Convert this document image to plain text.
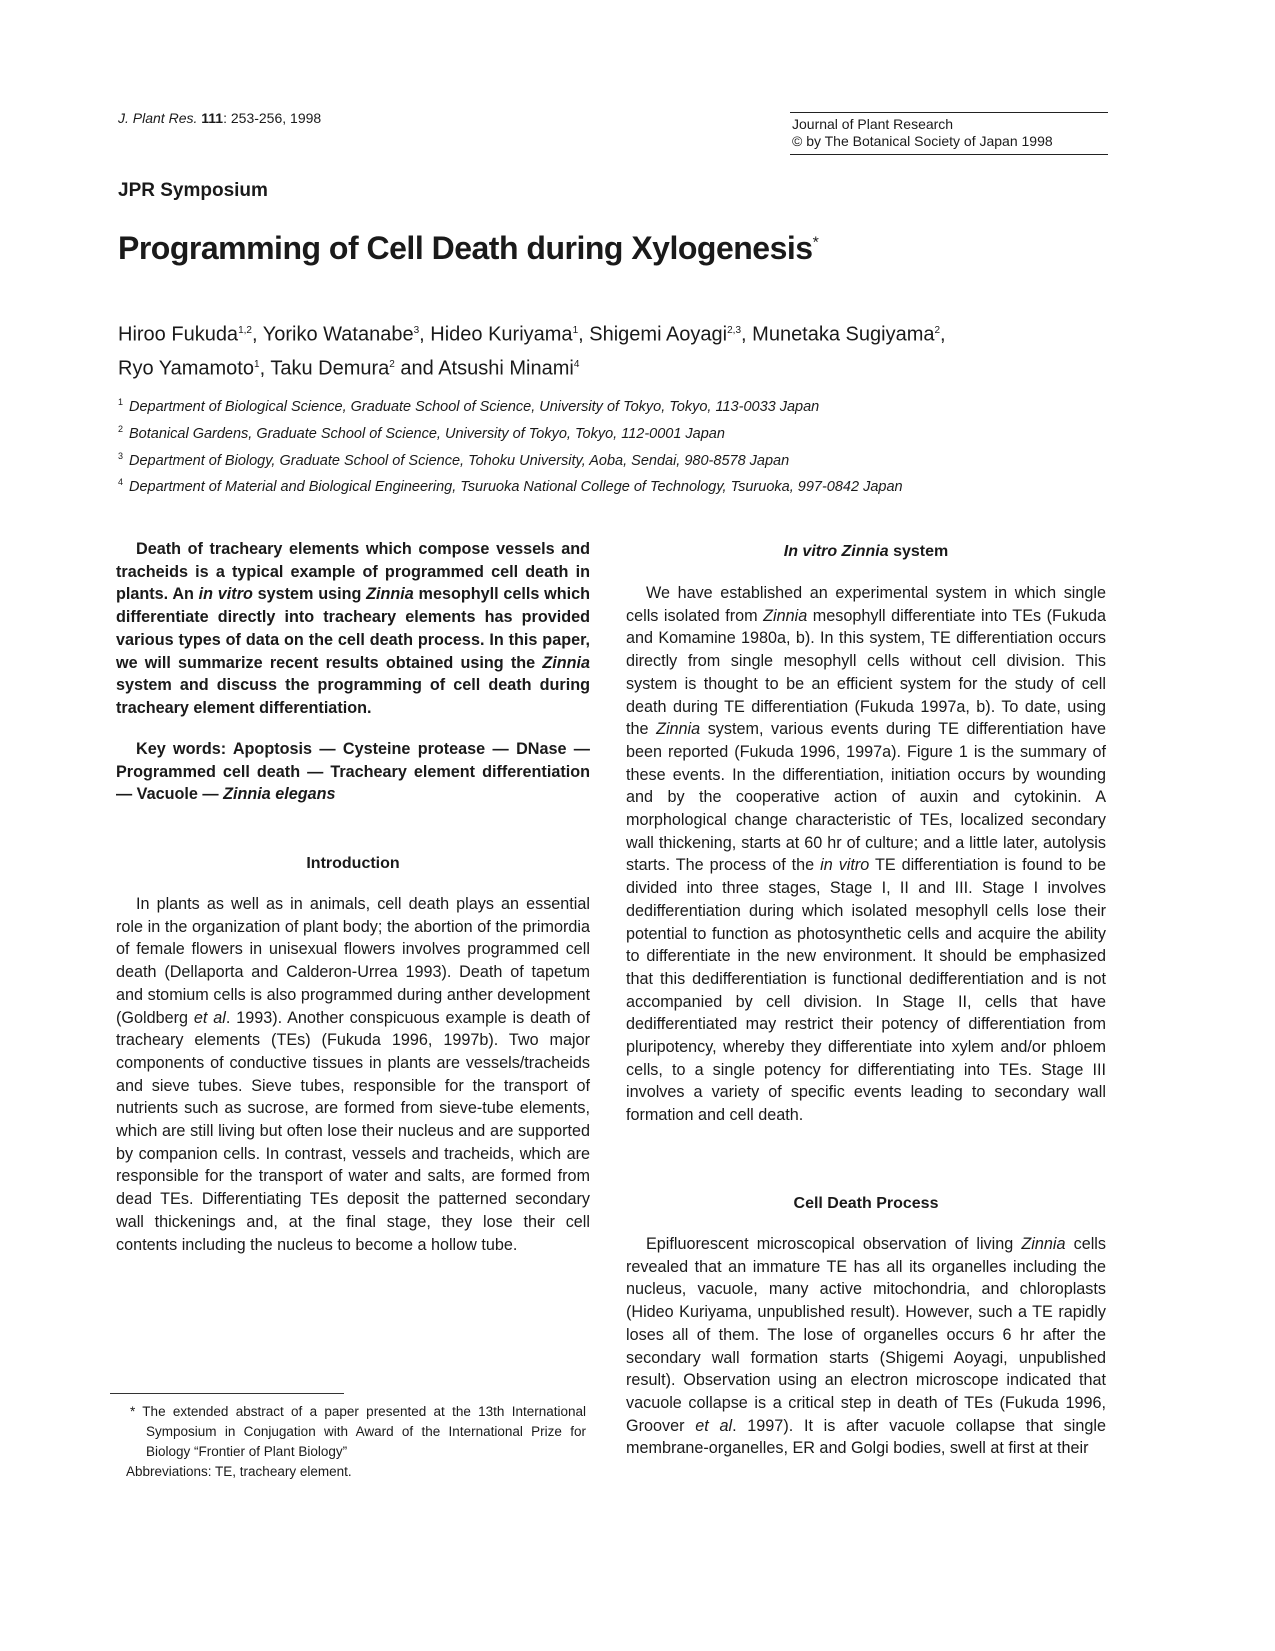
J. Plant Res. 111: 253-256, 1998	Journal of Plant Research
© by The Botanical Society of Japan 1998
JPR Symposium
Programming of Cell Death during Xylogenesis*
Hiroo Fukuda$^{1,2}$, Yoriko Watanabe$^3$, Hideo Kuriyama$^1$, Shigemi Aoyagi$^{2,3}$, Munetaka Sugiyama$^2$,
Ryo Yamamoto$^1$, Taku Demura$^2$ and Atsushi Minami$^4$
$^1$ Department of Biological Science, Graduate School of Science, University of Tokyo, Tokyo, 113-0033 Japan
$^2$ Botanical Gardens, Graduate School of Science, University of Tokyo, Tokyo, 112-0001 Japan
$^3$ Department of Biology, Graduate School of Science, Tohoku University, Aoba, Sendai, 980-8578 Japan
$^4$ Department of Material and Biological Engineering, Tsuruoka National College of Technology, Tsuruoka, 997-0842 Japan

Death of tracheary elements which compose vessels and tracheids is a typical example of programmed cell death in plants. An in vitro system using Zinnia mesophyll cells which differentiate directly into tracheary elements has provided various types of data on the cell death process. In this paper, we will summarize recent results obtained using the Zinnia system and discuss the programming of cell death during tracheary element differentiation.

Key words: Apoptosis — Cysteine protease — DNase — Programmed cell death — Tracheary element differentiation — Vacuole — Zinnia elegans
Introduction

In plants as well as in animals, cell death plays an essential role in the organization of plant body; the abortion of the primordia of female flowers in unisexual flowers involves programmed cell death (Dellaporta and Calderon-Urrea 1993). Death of tapetum and stomium cells is also programmed during anther development (Goldberg et al. 1993). Another conspicuous example is death of tracheary elements (TEs) (Fukuda 1996, 1997b). Two major components of conductive tissues in plants are vessels/tracheids and sieve tubes. Sieve tubes, responsible for the transport of nutrients such as sucrose, are formed from sieve-tube elements, which are still living but often lose their nucleus and are supported by companion cells. In contrast, vessels and tracheids, which are responsible for the transport of water and salts, are formed from dead TEs. Differentiating TEs deposit the patterned secondary wall thickenings and, at the final stage, they lose their cell contents including the nucleus to become a hollow tube.

* The extended abstract of a paper presented at the 13th International Symposium in Conjugation with Award of the International Prize for Biology “Frontier of Plant Biology”
Abbreviations: TE, tracheary element.
In vitro Zinnia system

We have established an experimental system in which single cells isolated from Zinnia mesophyll differentiate into TEs (Fukuda and Komamine 1980a, b). In this system, TE differentiation occurs directly from single mesophyll cells without cell division. This system is thought to be an efficient system for the study of cell death during TE differentiation (Fukuda 1997a, b). To date, using the Zinnia system, various events during TE differentiation have been reported (Fukuda 1996, 1997a). Figure 1 is the summary of these events. In the differentiation, initiation occurs by wounding and by the cooperative action of auxin and cytokinin. A morphological change characteristic of TEs, localized secondary wall thickening, starts at 60 hr of culture; and a little later, autolysis starts. The process of the in vitro TE differentiation is found to be divided into three stages, Stage I, II and III. Stage I involves dedifferentiation during which isolated mesophyll cells lose their potential to function as photosynthetic cells and acquire the ability to differentiate in the new environment. It should be emphasized that this dedifferentiation is functional dedifferentiation and is not accompanied by cell division. In Stage II, cells that have dedifferentiated may restrict their potency of differentiation from pluripotency, whereby they differentiate into xylem and/or phloem cells, to a single potency for differentiating into TEs. Stage III involves a variety of specific events leading to secondary wall formation and cell death.

Cell Death Process

Epifluorescent microscopical observation of living Zinnia cells revealed that an immature TE has all its organelles including the nucleus, vacuole, many active mitochondria, and chloroplasts (Hideo Kuriyama, unpublished result). However, such a TE rapidly loses all of them. The lose of organelles occurs 6 hr after the secondary wall formation starts (Shigemi Aoyagi, unpublished result). Observation using an electron microscope indicated that vacuole collapse is a critical step in death of TEs (Fukuda 1996, Groover et al. 1997). It is after vacuole collapse that single membrane-organelles, ER and Golgi bodies, swell at first at their
